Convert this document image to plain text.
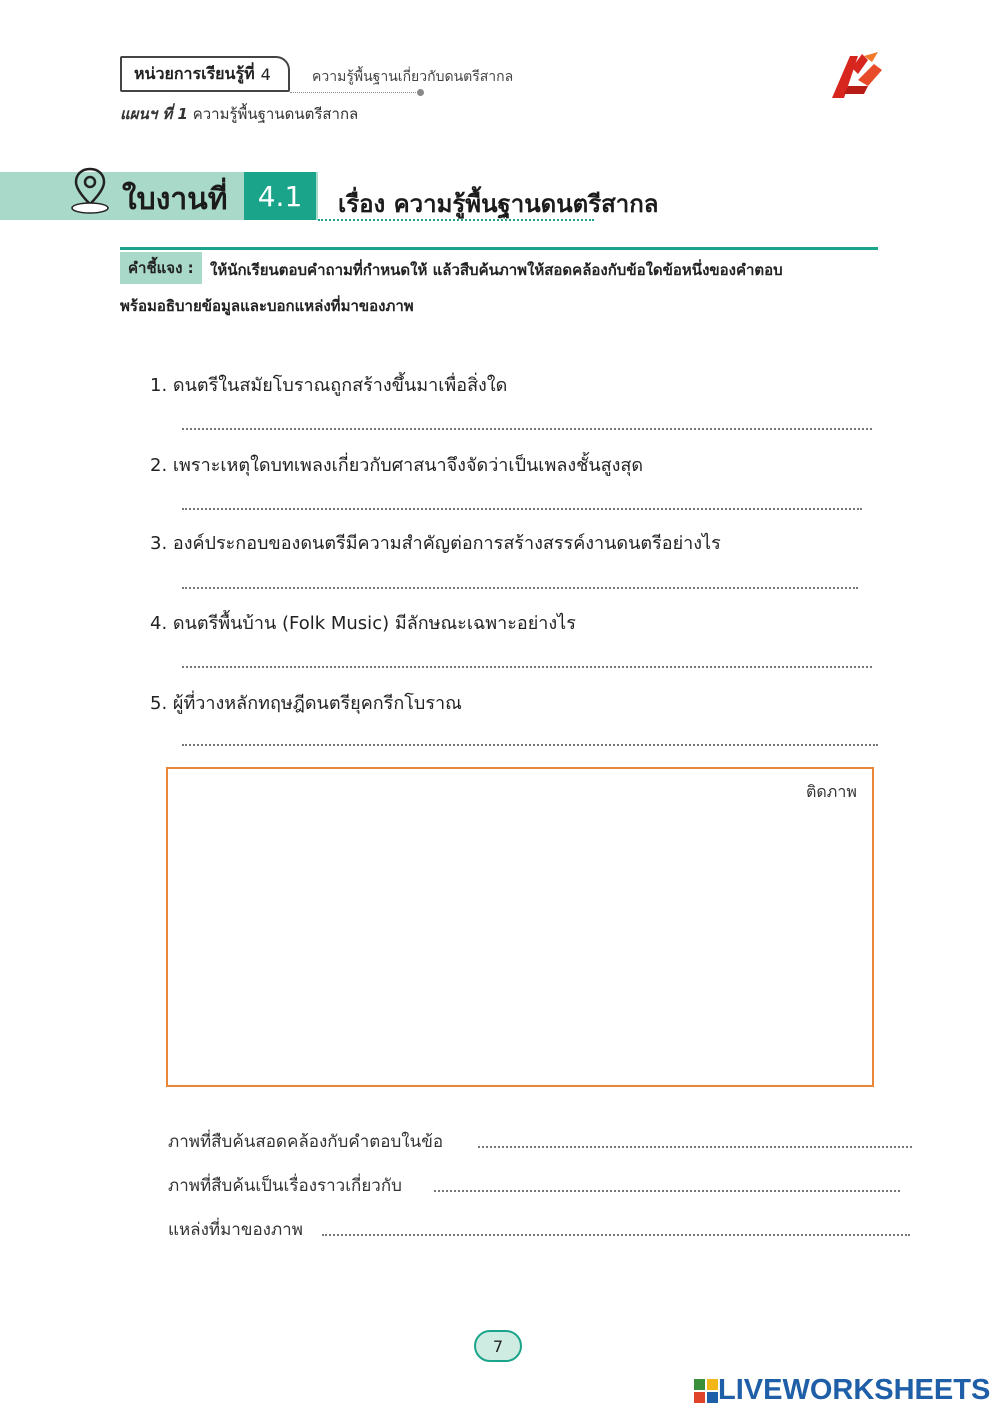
หน่วยการเรียนรู้ที่ 4	ความรู้พื้นฐานเกี่ยวกับดนตรีสากล
แผนฯ ที่ 1 ความรู้พื้นฐานดนตรีสากล
ใบงานที่	4.1	เรื่อง ความรู้พื้นฐานดนตรีสากล
คำชี้แจง :	ให้นักเรียนตอบคำถามที่กำหนดให้ แล้วสืบค้นภาพให้สอดคล้องกับข้อใดข้อหนึ่งของคำตอบ
พร้อมอธิบายข้อมูลและบอกแหล่งที่มาของภาพ
1. ดนตรีในสมัยโบราณถูกสร้างขึ้นมาเพื่อสิ่งใด
2. เพราะเหตุใดบทเพลงเกี่ยวกับศาสนาจึงจัดว่าเป็นเพลงชั้นสูงสุด
3. องค์ประกอบของดนตรีมีความสำคัญต่อการสร้างสรรค์งานดนตรีอย่างไร
4. ดนตรีพื้นบ้าน (Folk Music) มีลักษณะเฉพาะอย่างไร
5. ผู้ที่วางหลักทฤษฎีดนตรียุคกรีกโบราณ
ติดภาพ
ภาพที่สืบค้นสอดคล้องกับคำตอบในข้อ
ภาพที่สืบค้นเป็นเรื่องราวเกี่ยวกับ
แหล่งที่มาของภาพ
7
LIVEWORKSHEETS
